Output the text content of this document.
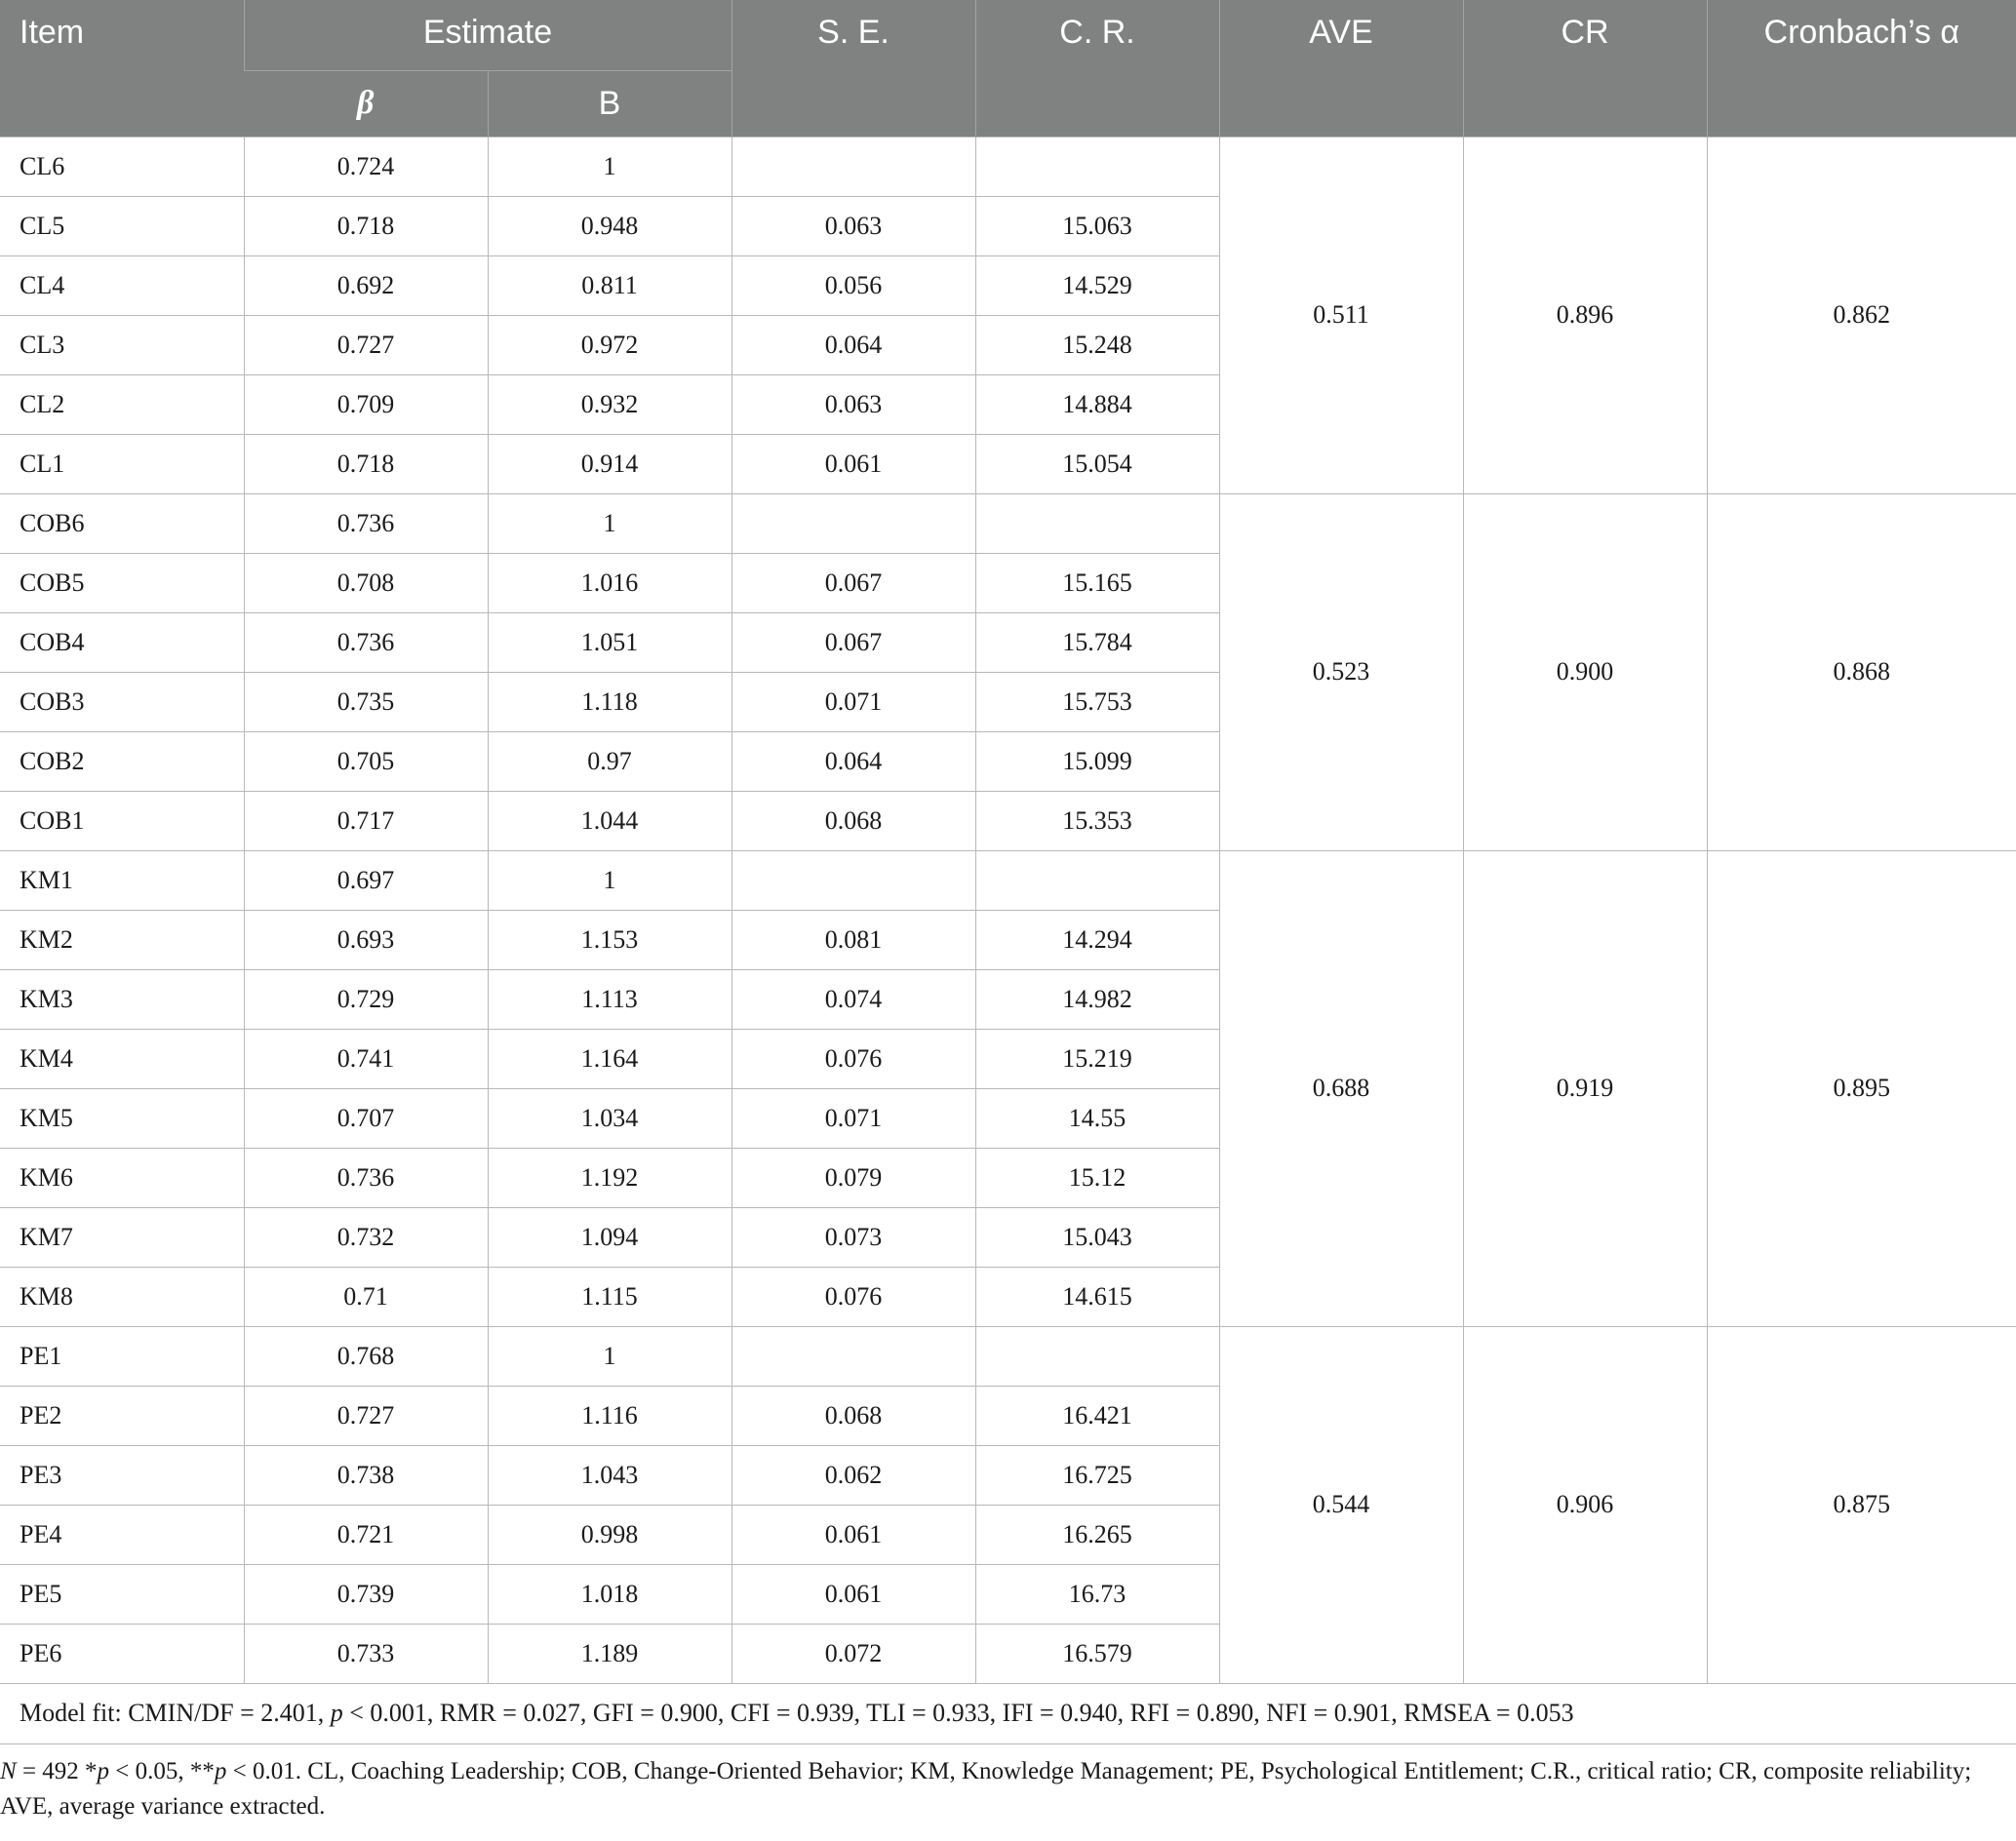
Item	Estimate		S. E.	C. R.	AVE	CR	Cronbach’s α
	β	B					
CL6	0.724	1			0.511	0.896	0.862
CL5	0.718	0.948	0.063	15.063			
CL4	0.692	0.811	0.056	14.529			
CL3	0.727	0.972	0.064	15.248			
CL2	0.709	0.932	0.063	14.884			
CL1	0.718	0.914	0.061	15.054			
COB6	0.736	1			0.523	0.900	0.868
COB5	0.708	1.016	0.067	15.165			
COB4	0.736	1.051	0.067	15.784			
COB3	0.735	1.118	0.071	15.753			
COB2	0.705	0.97	0.064	15.099			
COB1	0.717	1.044	0.068	15.353			
KM1	0.697	1			0.688	0.919	0.895
KM2	0.693	1.153	0.081	14.294			
KM3	0.729	1.113	0.074	14.982			
KM4	0.741	1.164	0.076	15.219			
KM5	0.707	1.034	0.071	14.55			
KM6	0.736	1.192	0.079	15.12			
KM7	0.732	1.094	0.073	15.043			
KM8	0.71	1.115	0.076	14.615			
PE1	0.768	1			0.544	0.906	0.875
PE2	0.727	1.116	0.068	16.421			
PE3	0.738	1.043	0.062	16.725			
PE4	0.721	0.998	0.061	16.265			
PE5	0.739	1.018	0.061	16.73			
PE6	0.733	1.189	0.072	16.579			
Model fit: CMIN/DF = 2.401, p < 0.001, RMR = 0.027, GFI = 0.900, CFI = 0.939, TLI = 0.933, IFI = 0.940, RFI = 0.890, NFI = 0.901, RMSEA = 0.053							

N = 492 *p < 0.05, **p < 0.01. CL, Coaching Leadership; COB, Change-Oriented Behavior; KM, Knowledge Management; PE, Psychological Entitlement; C.R., critical ratio; CR, composite reliability; AVE, average variance extracted.
